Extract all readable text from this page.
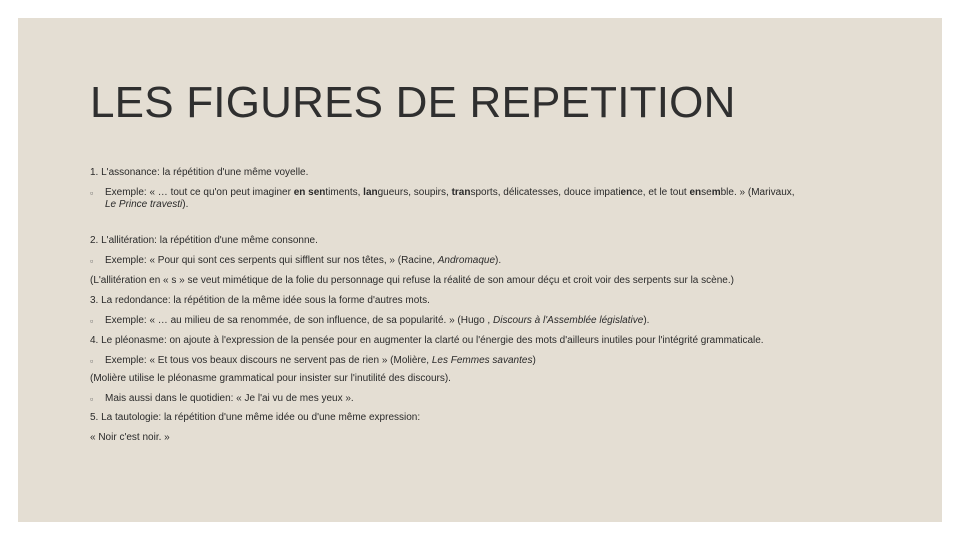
LES FIGURES DE REPETITION
1. L'assonance: la répétition d'une même voyelle.
▫	Exemple: « … tout ce qu'on peut imaginer en sentiments, langueurs, soupirs, transports, délicatesses, douce impatience, et le tout ensemble. » (Marivaux,
Le Prince travesti).
2. L'allitération: la répétition d'une même consonne.
▫	Exemple: « Pour qui sont ces serpents qui sifflent sur nos têtes, » (Racine, Andromaque).
(L'allitération en « s » se veut mimétique de la folie du personnage qui refuse la réalité de son amour déçu et croit voir des serpents sur la scène.)
3. La redondance: la répétition de la même idée sous la forme d'autres mots.
▫	Exemple: « … au milieu de sa renommée, de son influence, de sa popularité. » (Hugo , Discours à l'Assemblée législative).
4. Le pléonasme: on ajoute à l'expression de la pensée pour en augmenter la clarté ou l'énergie des mots d'ailleurs inutiles pour l'intégrité grammaticale.
▫	Exemple: « Et tous vos beaux discours ne servent pas de rien » (Molière, Les Femmes savantes)
(Molière utilise le pléonasme grammatical pour insister sur l'inutilité des discours).
▫	Mais aussi dans le quotidien: « Je l'ai vu de mes yeux ».
5. La tautologie: la répétition d'une même idée ou d'une même expression:
« Noir c'est noir. »
